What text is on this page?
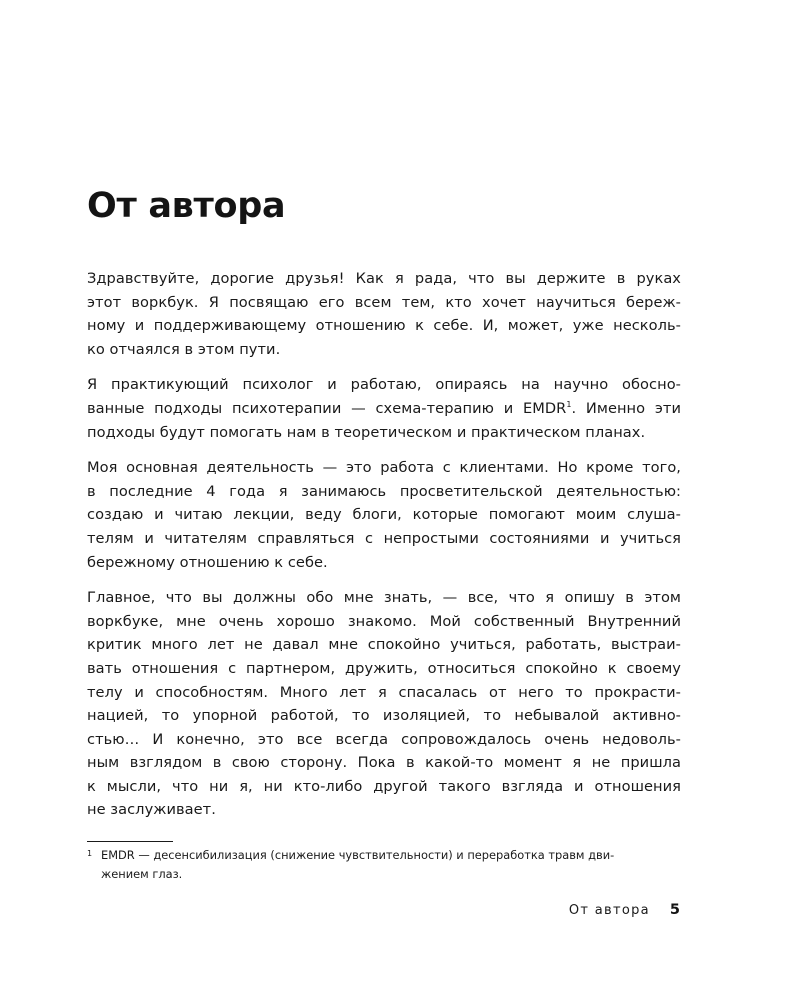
От автора

Здравствуйте, дорогие друзья! Как я рада, что вы держите в руках
этот воркбук. Я посвящаю его всем тем, кто хочет научиться береж-
ному и поддерживающему отношению к себе. И, может, уже несколь-
ко отчаялся в этом пути.

Я практикующий психолог и работаю, опираясь на научно обосно-
ванные подходы психотерапии — схема-терапию и EMDR$^1$. Именно эти
подходы будут помогать нам в теоретическом и практическом планах.

Моя основная деятельность — это работа с клиентами. Но кроме того,
в последние 4 года я занимаюсь просветительской деятельностью:
создаю и читаю лекции, веду блоги, которые помогают моим слуша-
телям и читателям справляться с непростыми состояниями и учиться
бережному отношению к себе.

Главное, что вы должны обо мне знать, — все, что я опишу в этом
воркбуке, мне очень хорошо знакомо. Мой собственный Внутренний
критик много лет не давал мне спокойно учиться, работать, выстраи-
вать отношения с партнером, дружить, относиться спокойно к своему
телу и способностям. Много лет я спасалась от него то прокрасти-
нацией, то упорной работой, то изоляцией, то небывалой активно-
стью… И конечно, это все всегда сопровождалось очень недоволь-
ным взглядом в свою сторону. Пока в какой-то момент я не пришла
к мысли, что ни я, ни кто-либо другой такого взгляда и отношения
не заслуживает.

1 EMDR — десенсибилизация (снижение чувствительности) и переработка травм дви-
жением глаз.
От автора 5
